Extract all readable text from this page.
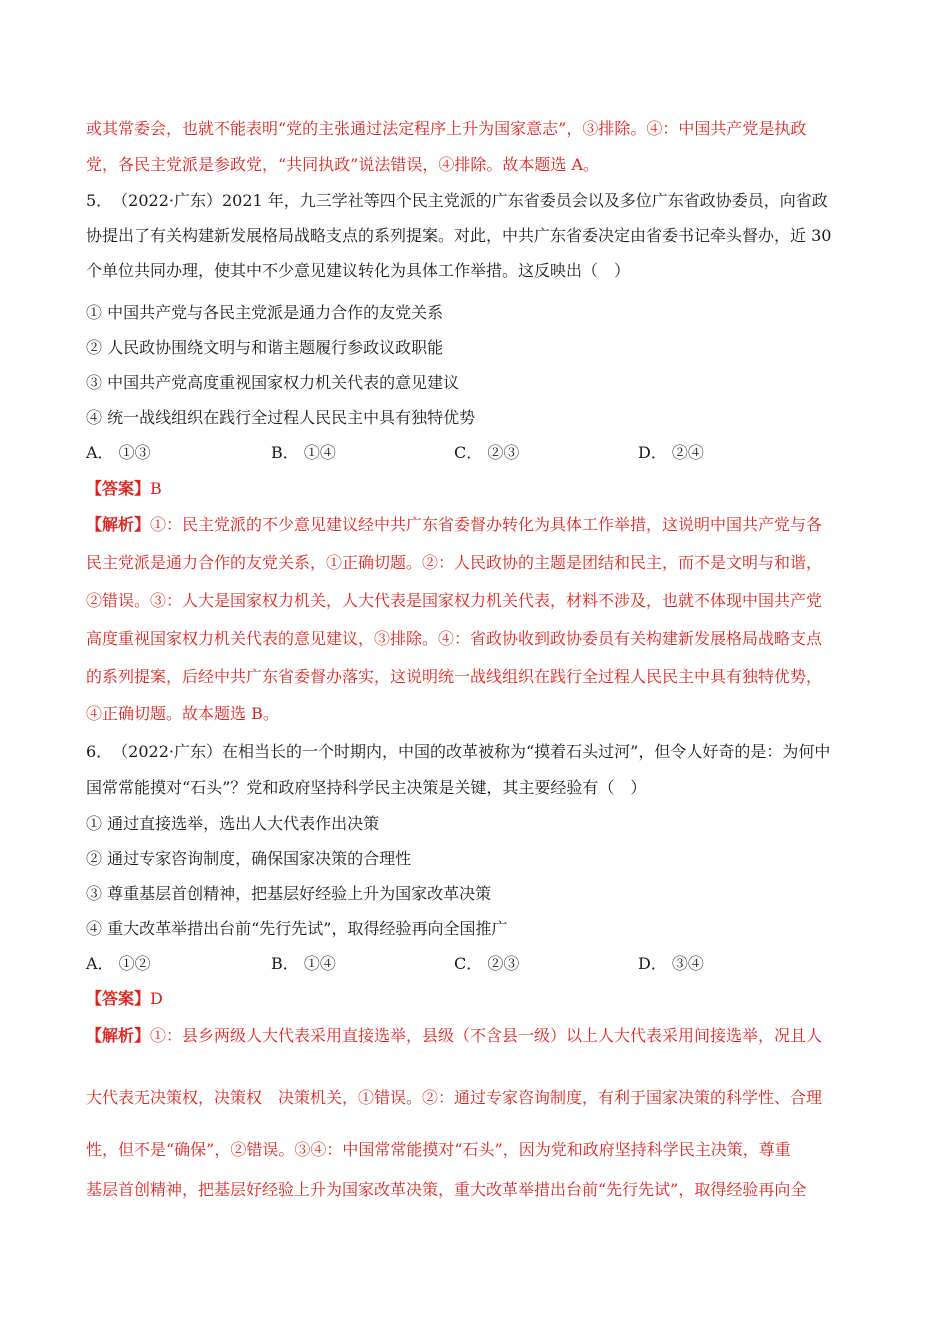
或其常委会，也就不能表明“党的主张通过法定程序上升为国家意志”，③排除。④：中国共产党是执政
党，各民主党派是参政党，“共同执政”说法错误，④排除。故本题选 A。
5．　（2022·广东）2021 年，九三学社等四个民主党派的广东省委员会以及多位广东省政协委员，向省政
协提出了有关构建新发展格局战略支点的系列提案。对此，中共广东省委决定由省委书记牵头督办，近 30
个单位共同办理，使其中不少意见建议转化为具体工作举措。这反映出（　）
① 中国共产党与各民主党派是通力合作的友党关系
② 人民政协围绕文明与和谐主题履行参政议政职能
③ 中国共产党高度重视国家权力机关代表的意见建议
④ 统一战线组织在践行全过程人民民主中具有独特优势
A． ①③	B． ①④	C． ②③	D． ②④
【答案】B
【解析】①：民主党派的不少意见建议经中共广东省委督办转化为具体工作举措，这说明中国共产党与各
民主党派是通力合作的友党关系，①正确切题。②：人民政协的主题是团结和民主，而不是文明与和谐，
②错误。③：人大是国家权力机关，人大代表是国家权力机关代表，材料不涉及，也就不体现中国共产党
高度重视国家权力机关代表的意见建议，③排除。④：省政协收到政协委员有关构建新发展格局战略支点
的系列提案，后经中共广东省委督办落实，这说明统一战线组织在践行全过程人民民主中具有独特优势，
④正确切题。故本题选 B。
6．　（2022·广东）在相当长的一个时期内，中国的改革被称为“摸着石头过河”，但令人好奇的是：为何中
国常常能摸对“石头”？党和政府坚持科学民主决策是关键，其主要经验有（　）
① 通过直接选举，选出人大代表作出决策
② 通过专家咨询制度，确保国家决策的合理性
③ 尊重基层首创精神，把基层好经验上升为国家改革决策
④ 重大改革举措出台前“先行先试”，取得经验再向全国推广
A． ①②	B． ①④	C． ②③	D． ③④
【答案】D
【解析】①：县乡两级人大代表采用直接选举，县级（不含县一级）以上人大代表采用间接选举，况且人
大代表无决策权，决策权　决策机关，①错误。②：通过专家咨询制度，有利于国家决策的科学性、合理
性，但不是“确保”，②错误。③④：中国常常能摸对“石头”，因为党和政府坚持科学民主决策，尊重
基层首创精神，把基层好经验上升为国家改革决策，重大改革举措出台前“先行先试”，取得经验再向全
